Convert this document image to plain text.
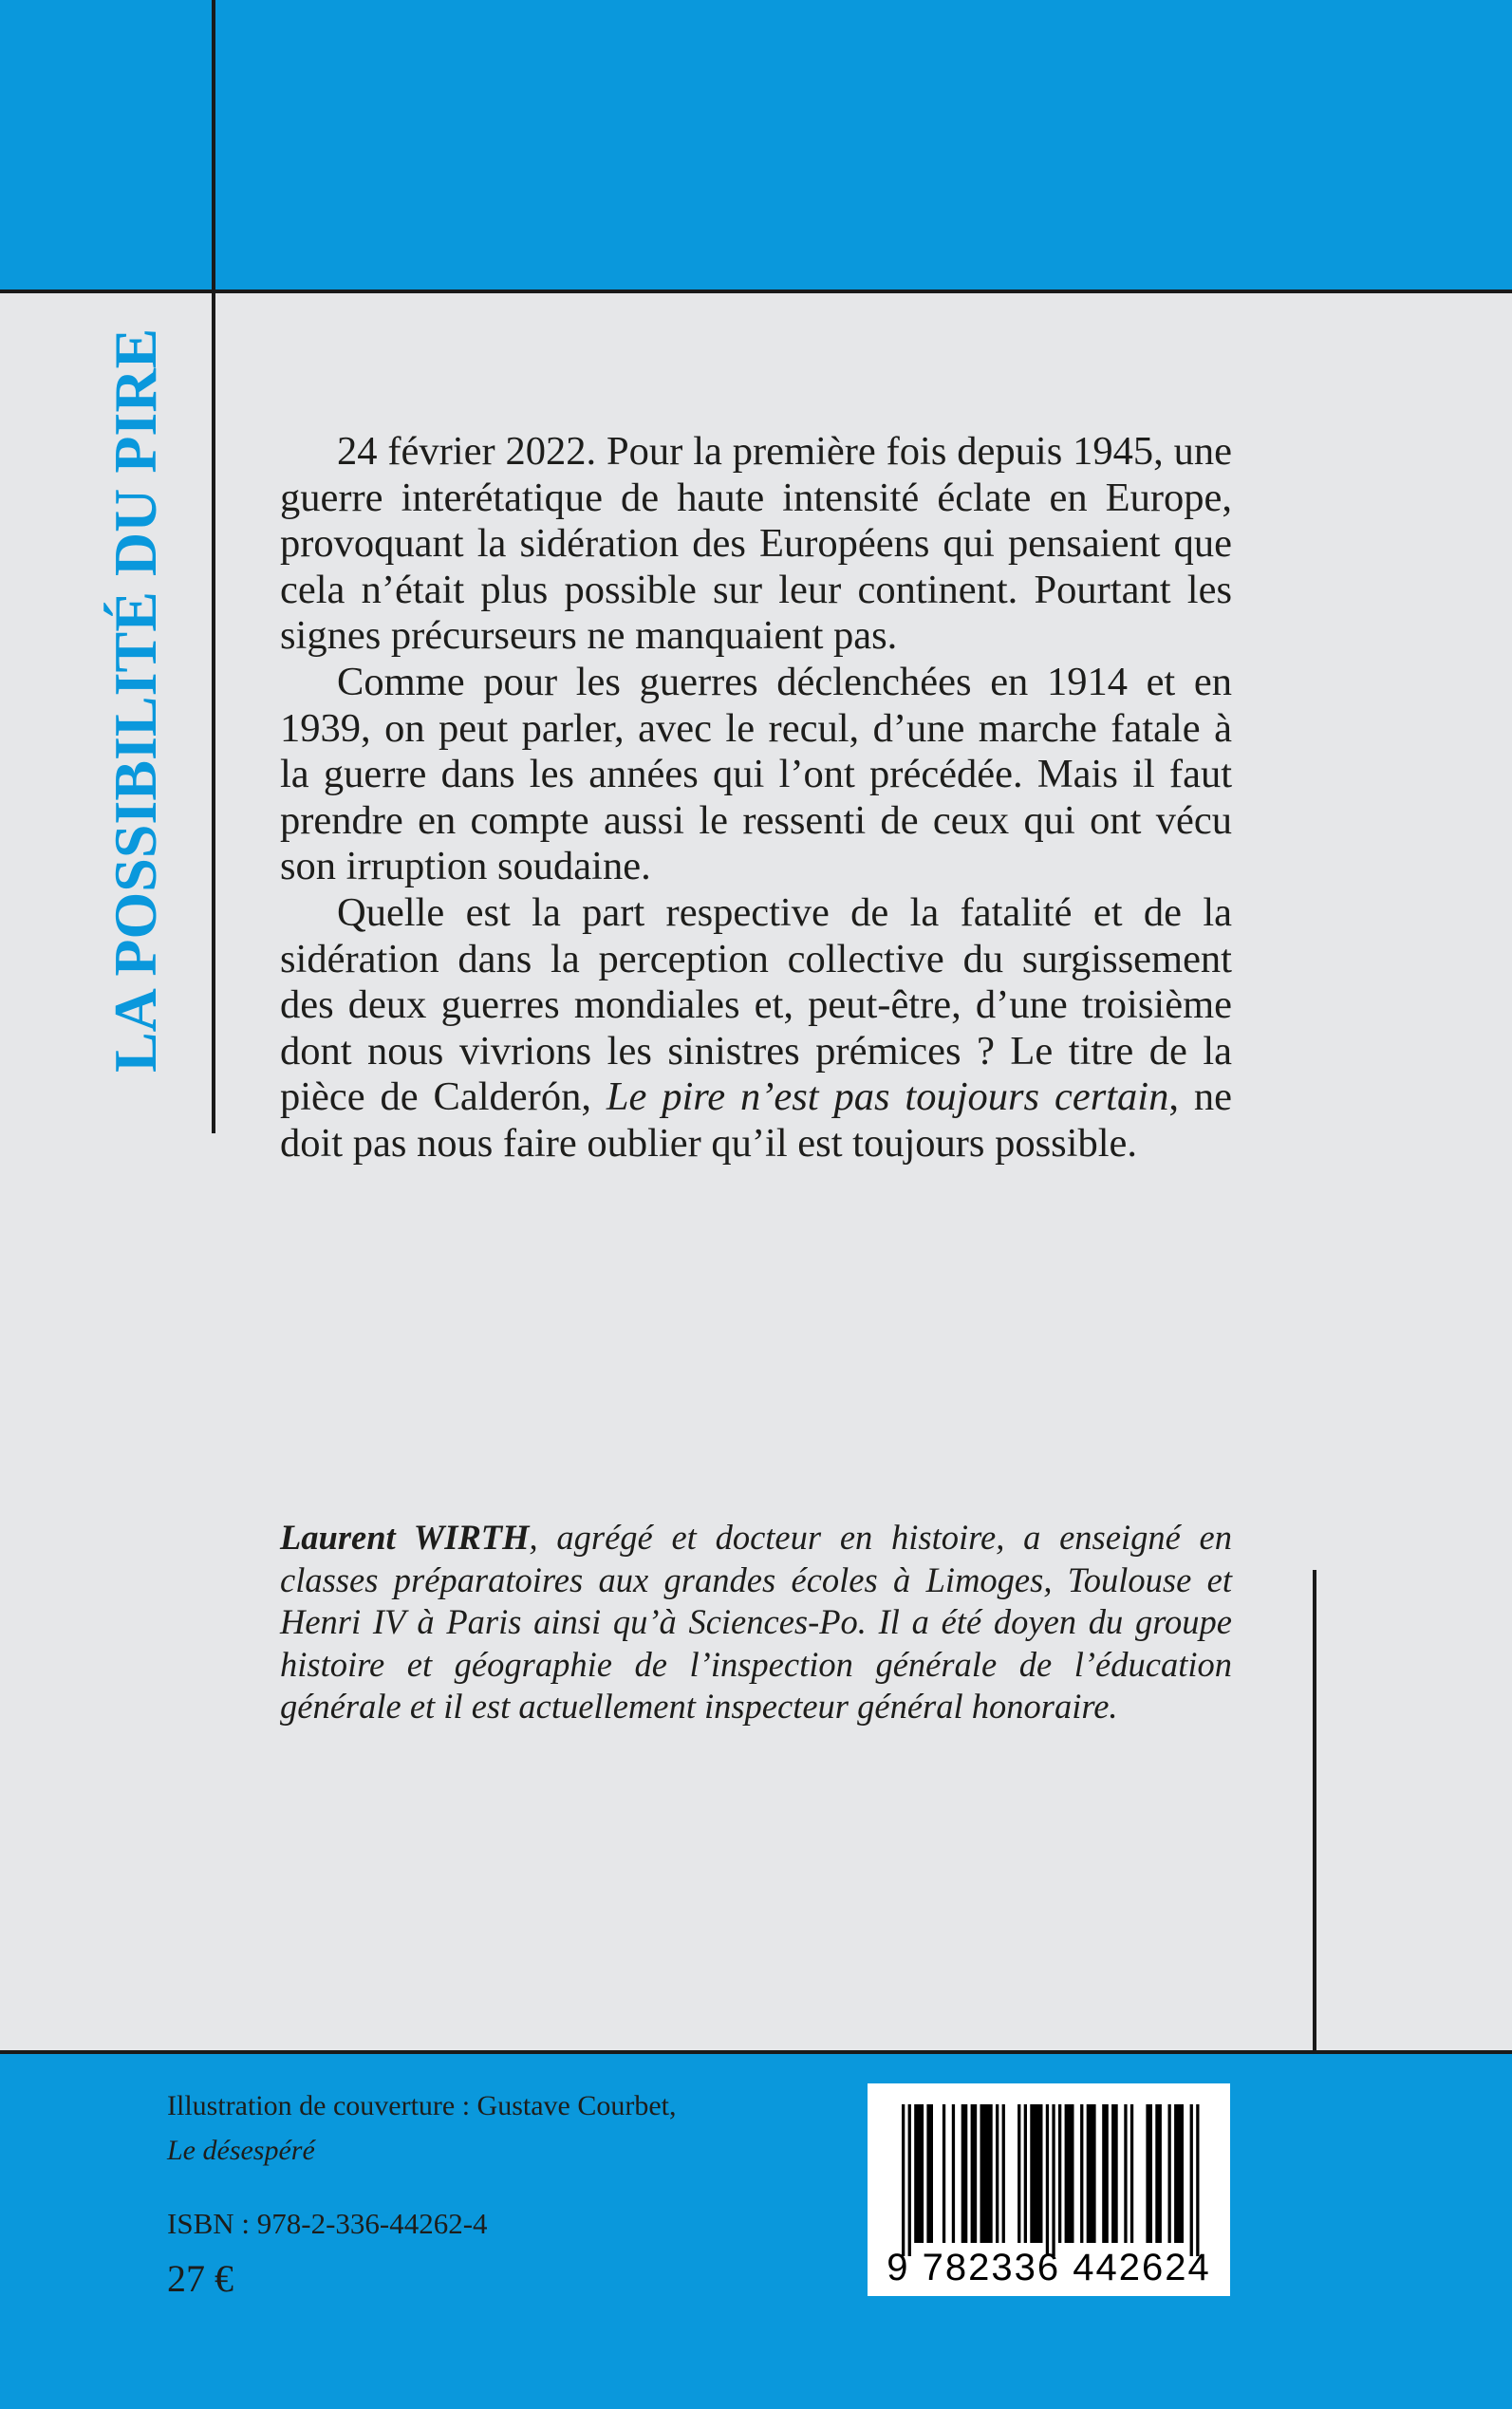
LA POSSIBILITÉ DU PIRE	24 février 2022. Pour la première fois depuis 1945, une guerre interétatique de haute intensité éclate en Europe, provoquant la sidération des Européens qui pensaient que cela n’était plus possible sur leur continent. Pourtant les signes précurseurs ne manquaient pas.

Comme pour les guerres déclenchées en 1914 et en 1939, on peut parler, avec le recul, d’une marche fatale à la guerre dans les années qui l’ont précédée. Mais il faut prendre en compte aussi le ressenti de ceux qui ont vécu son irruption soudaine.

Quelle est la part respective de la fatalité et de la sidération dans la perception collective du surgissement des deux guerres mondiales et, peut-être, d’une troisième dont nous vivrions les sinistres prémices ? Le titre de la pièce de Calderón, Le pire n’est pas toujours certain, ne doit pas nous faire oublier qu’il est toujours possible.

Laurent WIRTH, agrégé et docteur en histoire, a enseigné en classes préparatoires aux grandes écoles à Limoges, Toulouse et Henri IV à Paris ainsi qu’à Sciences-Po. Il a été doyen du groupe histoire et géographie de l’inspection générale de l’éducation générale et il est actuellement inspecteur général honoraire.

Illustration de couverture : Gustave Courbet,
Le désespéré
ISBN : 978-2-336-44262-4
27 €	9 782336 442624
